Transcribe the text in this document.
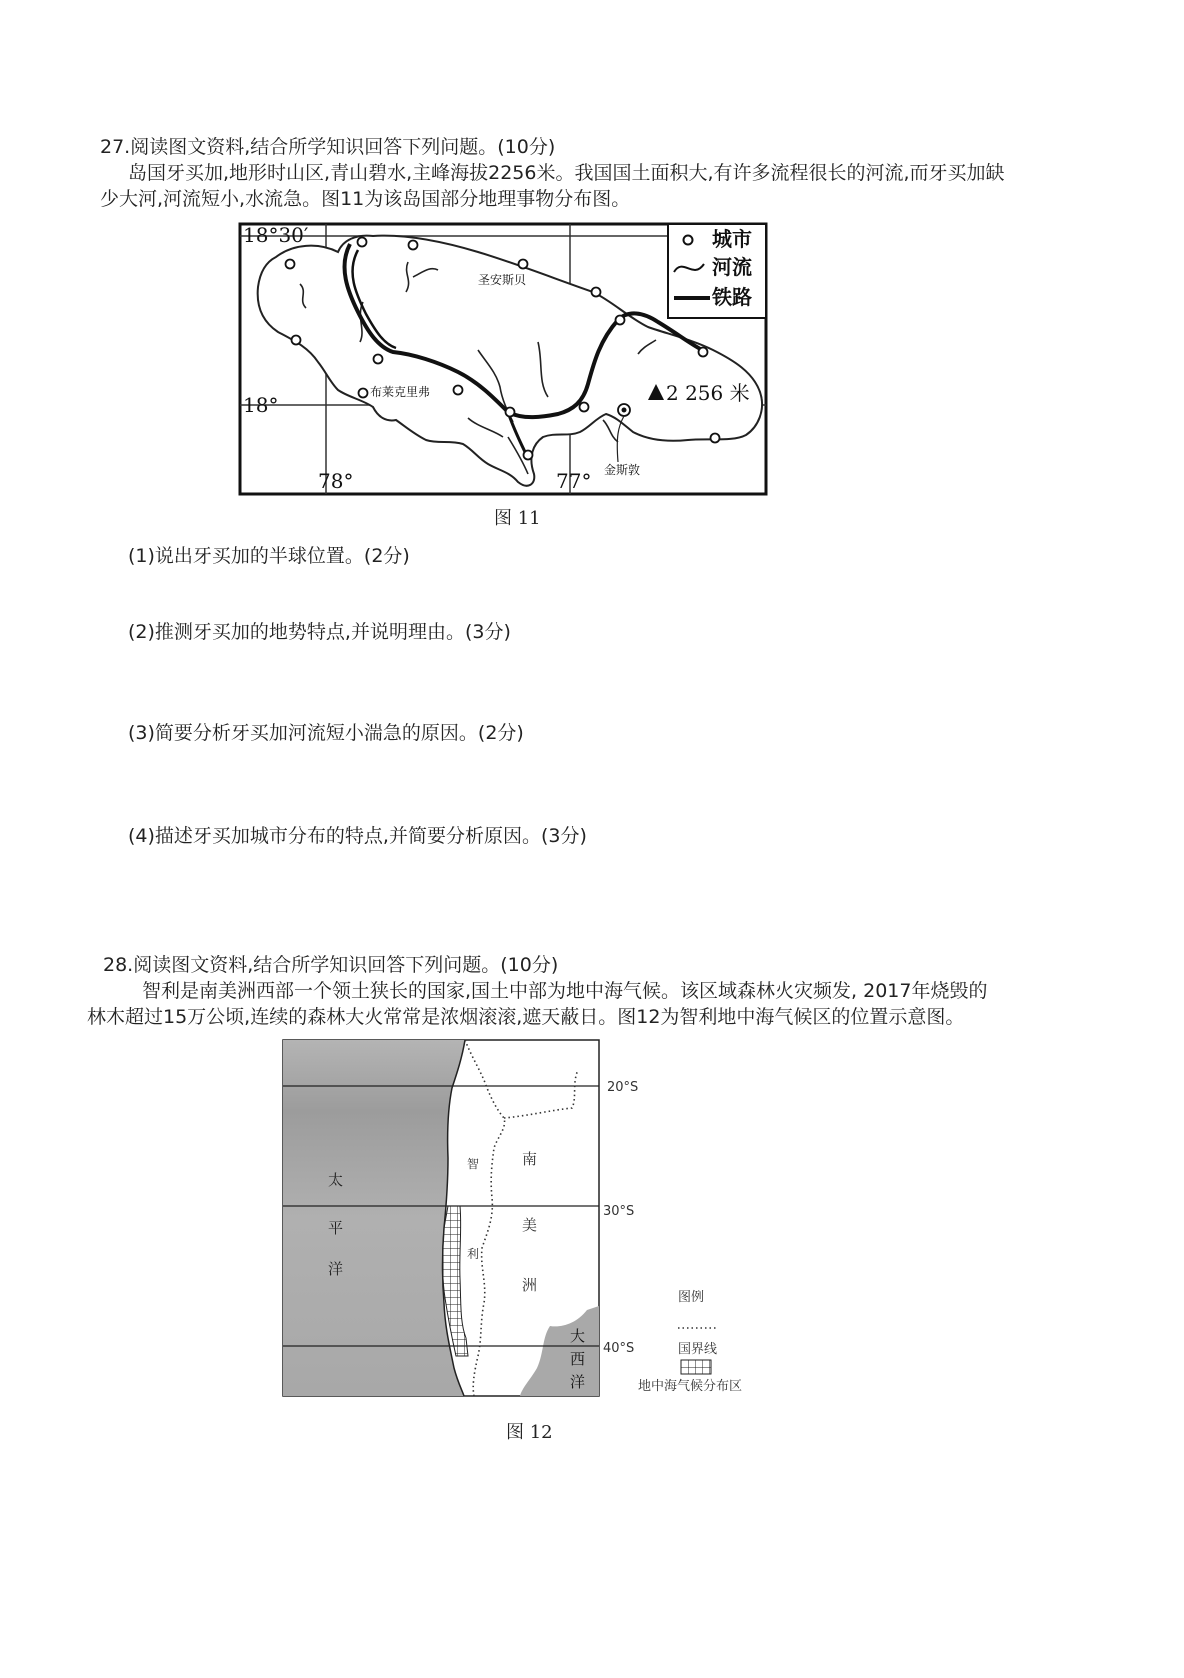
27.阅读图文资料,结合所学知识回答下列问题。(10分)
岛国牙买加,地形时山区,青山碧水,主峰海拔2256米。我国国土面积大,有许多流程很长的河流,而牙买加缺
少大河,河流短小,水流急。图11为该岛国部分地理事物分布图。
18°30′
18°
78°	77°
圣安斯贝
布莱克里弗
金斯敦
2 256 米
城市
河流
铁路
图 11
(1)说出牙买加的半球位置。(2分)
(2)推测牙买加的地势特点,并说明理由。(3分)
(3)简要分析牙买加河流短小湍急的原因。(2分)
(4)描述牙买加城市分布的特点,并简要分析原因。(3分)
28.阅读图文资料,结合所学知识回答下列问题。(10分)
智利是南美洲西部一个领土狭长的国家,国土中部为地中海气候。该区域森林火灾频发, 2017年烧毁的
林木超过15万公顷,连续的森林大火常常是浓烟滚滚,遮天蔽日。图12为智利地中海气候区的位置示意图。
20°S
30°S
40°S
太
平
洋
智
利
南
美
洲
大
西
洋
图例
国界线
地中海气候分布区
图 12
